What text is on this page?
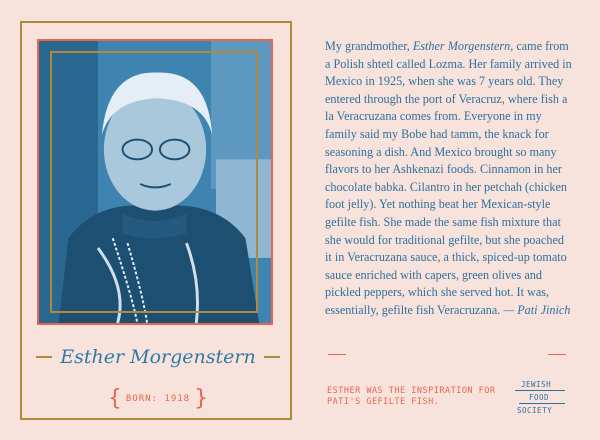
Esther Morgenstern
{ BORN: 1918 }
My grandmother, Esther Morgenstern, came from a Polish shtetl called Lozma. Her family arrived in Mexico in 1925, when she was 7 years old. They entered through the port of Veracruz, where fish a la Veracruzana comes from. Everyone in my family said my Bobe had tamm, the knack for seasoning a dish. And Mexico brought so many flavors to her Ashkenazi foods. Cinnamon in her chocolate babka. Cilantro in her petchah (chicken foot jelly). Yet nothing beat her Mexican-style gefilte fish. She made the same fish mixture that she would for traditional gefilte, but she poached it in Veracruzana sauce, a thick, spiced-up tomato sauce enriched with capers, green olives and pickled peppers, which she served hot. It was, essentially, gefilte fish Veracruzana. — Pati Jinich
ESTHER WAS THE INSPIRATION FOR PATI'S GEFILTE FISH.
JEWISH
FOOD
SOCIETY
